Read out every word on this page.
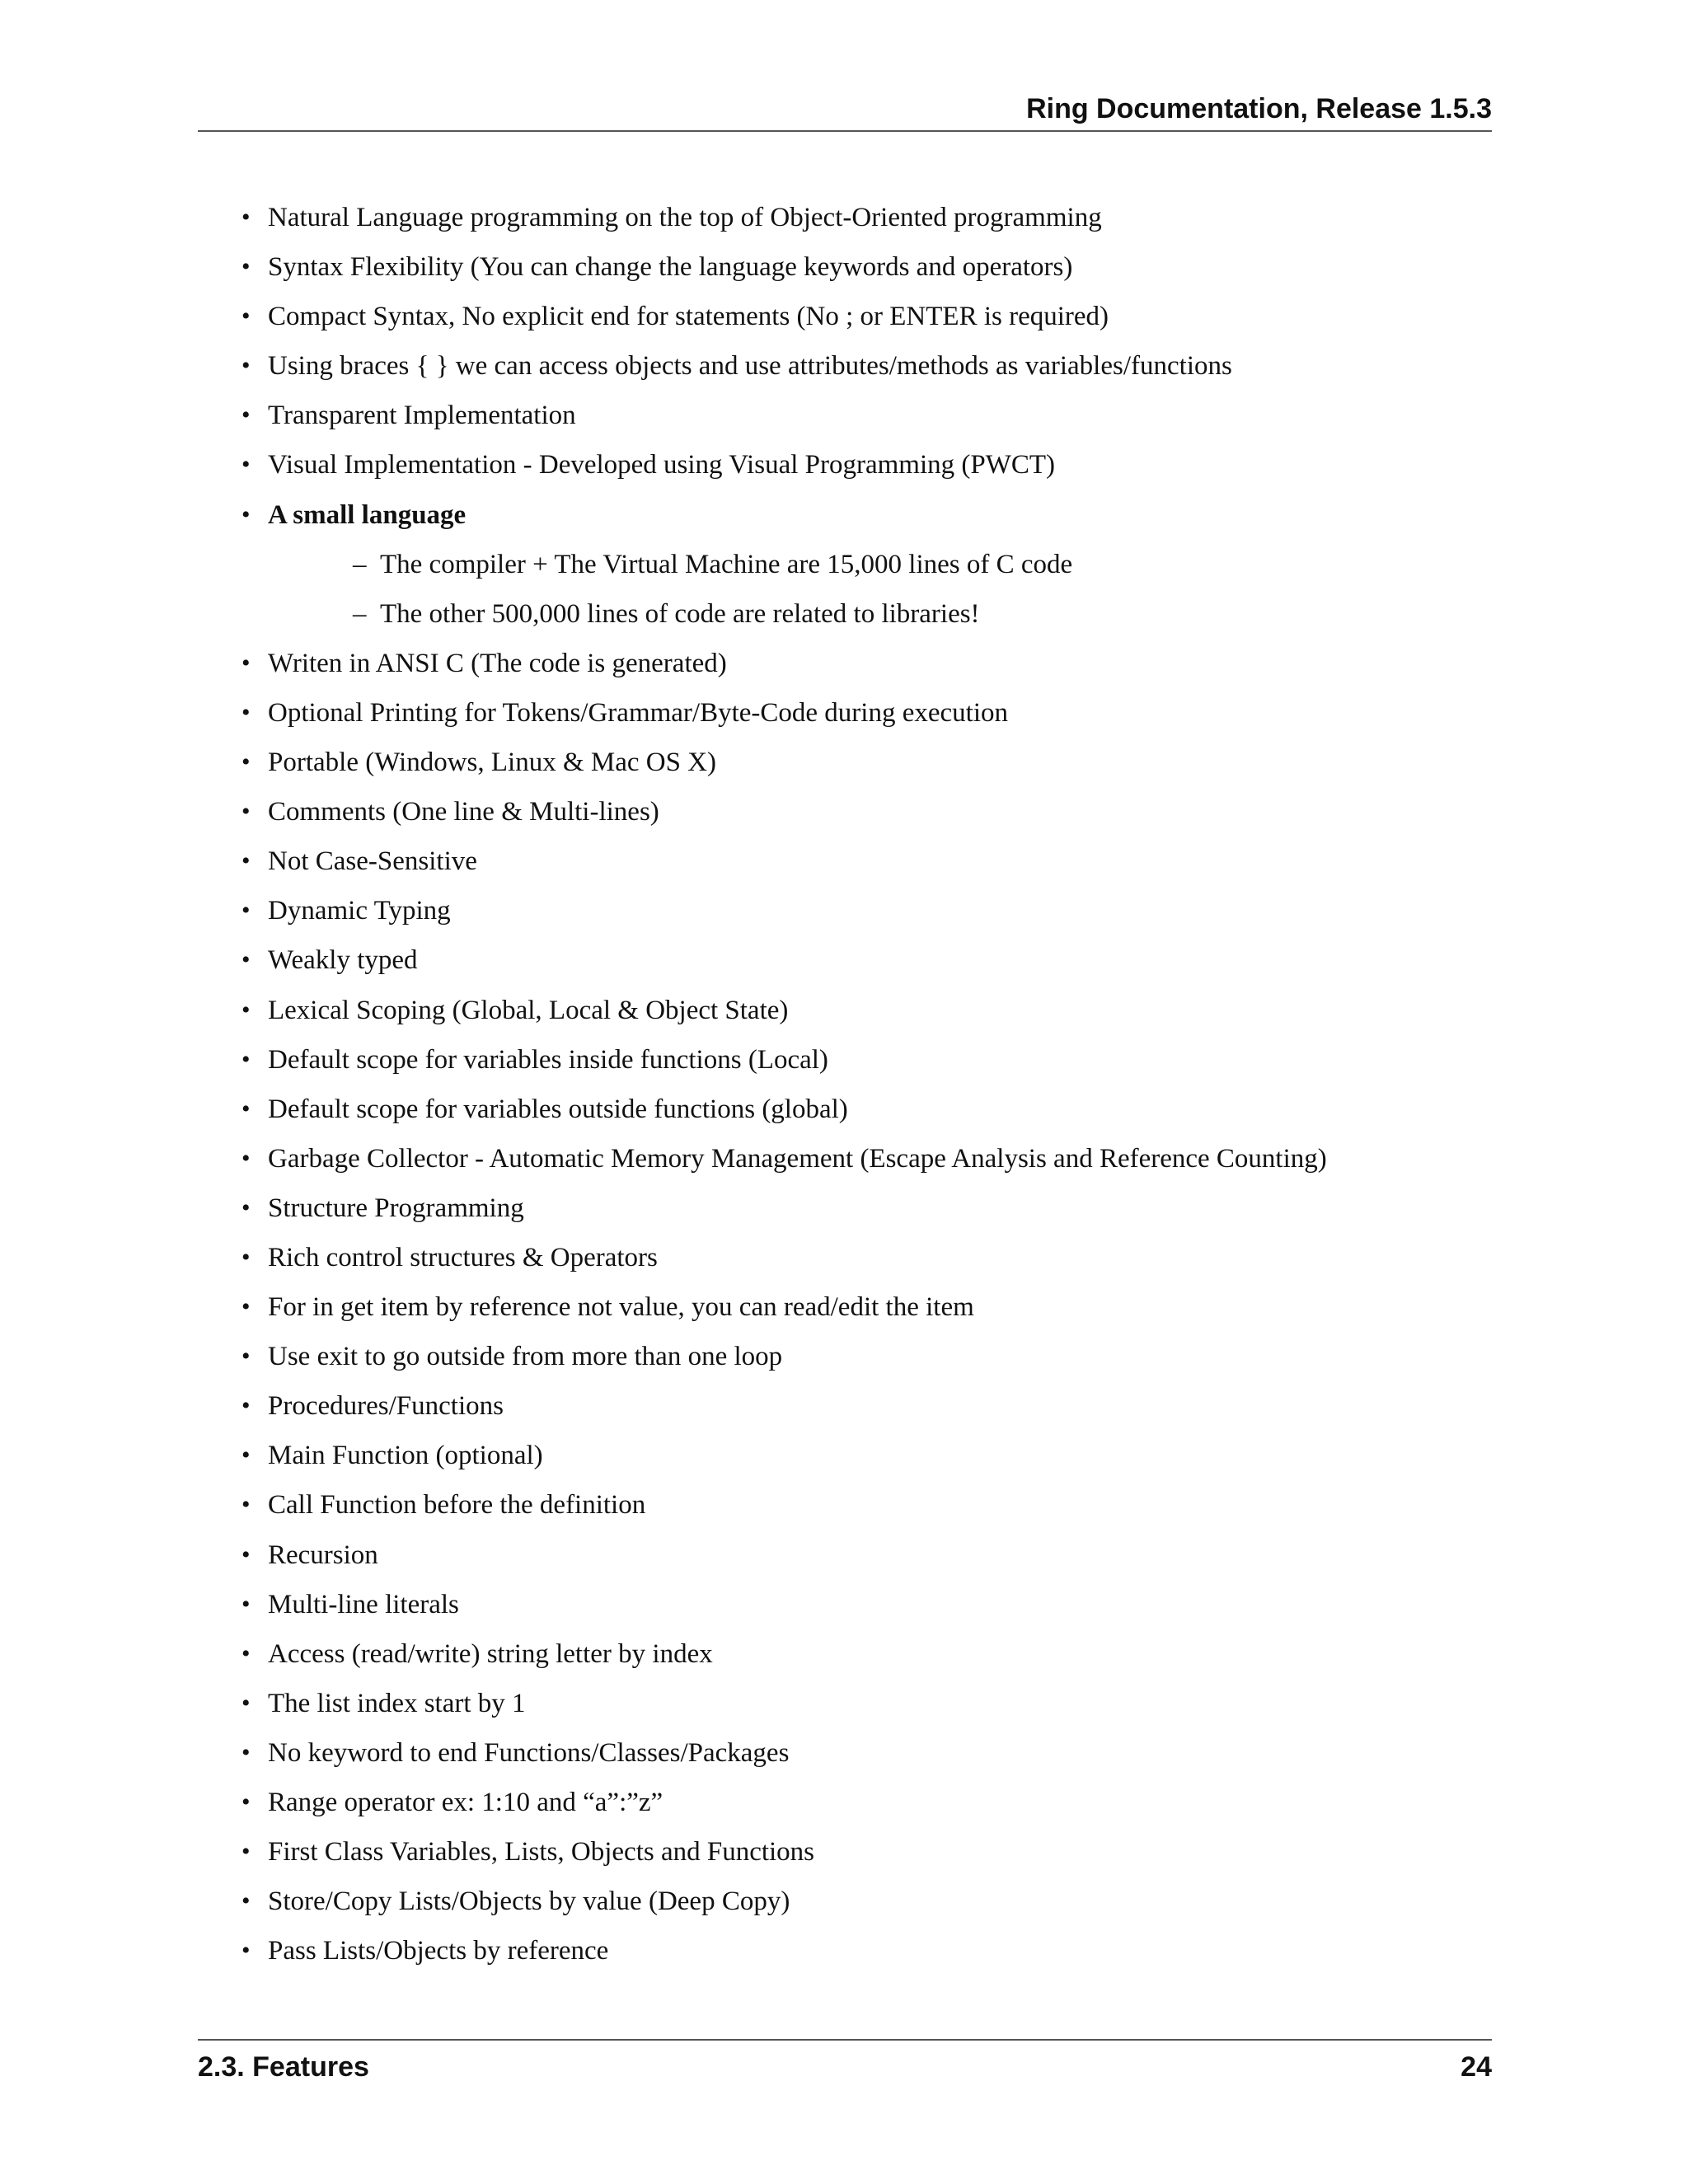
Ring Documentation, Release 1.5.3
• Natural Language programming on the top of Object-Oriented programming
• Syntax Flexibility (You can change the language keywords and operators)
• Compact Syntax, No explicit end for statements (No ; or ENTER is required)
• Using braces { } we can access objects and use attributes/methods as variables/functions
• Transparent Implementation
• Visual Implementation - Developed using Visual Programming (PWCT)
• A small language
– The compiler + The Virtual Machine are 15,000 lines of C code
– The other 500,000 lines of code are related to libraries!
• Writen in ANSI C (The code is generated)
• Optional Printing for Tokens/Grammar/Byte-Code during execution
• Portable (Windows, Linux & Mac OS X)
• Comments (One line & Multi-lines)
• Not Case-Sensitive
• Dynamic Typing
• Weakly typed
• Lexical Scoping (Global, Local & Object State)
• Default scope for variables inside functions (Local)
• Default scope for variables outside functions (global)
• Garbage Collector - Automatic Memory Management (Escape Analysis and Reference Counting)
• Structure Programming
• Rich control structures & Operators
• For in get item by reference not value, you can read/edit the item
• Use exit to go outside from more than one loop
• Procedures/Functions
• Main Function (optional)
• Call Function before the definition
• Recursion
• Multi-line literals
• Access (read/write) string letter by index
• The list index start by 1
• No keyword to end Functions/Classes/Packages
• Range operator ex: 1:10 and “a”:”z”
• First Class Variables, Lists, Objects and Functions
• Store/Copy Lists/Objects by value (Deep Copy)
• Pass Lists/Objects by reference
2.3. Features	24
